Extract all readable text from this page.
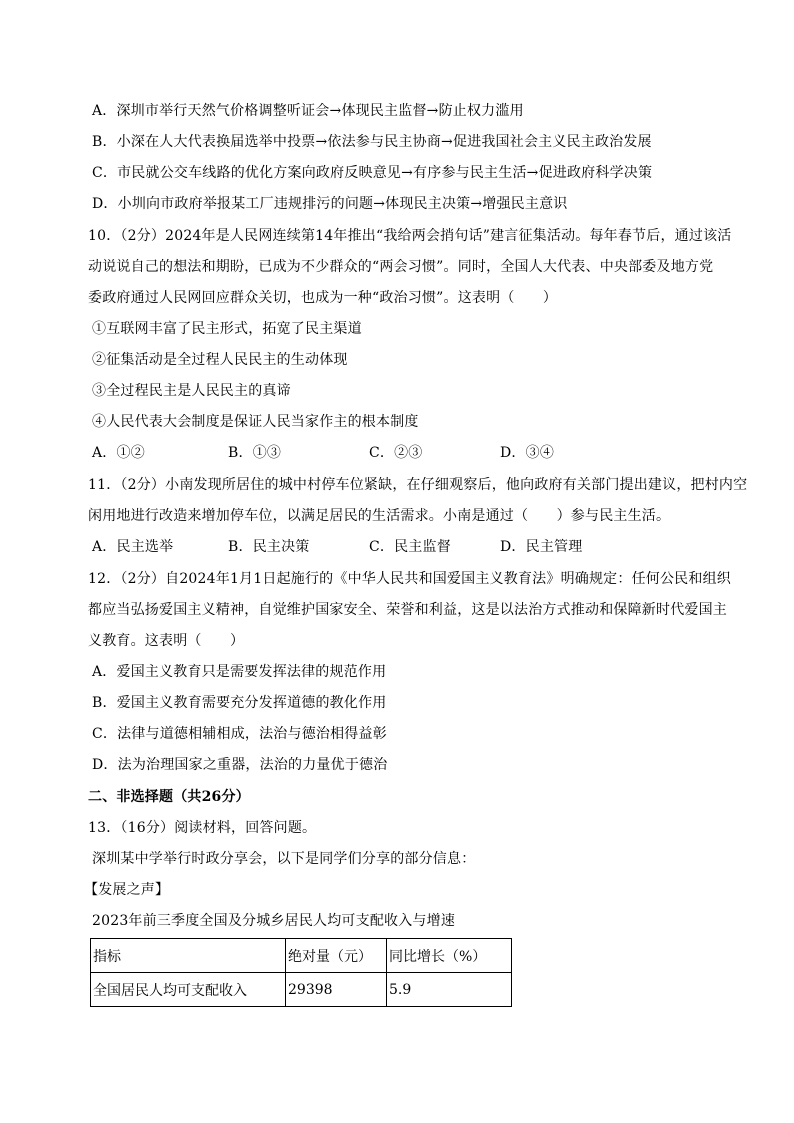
A．深圳市举行天然气价格调整听证会→体现民主监督→防止权力滥用
B．小深在人大代表换届选举中投票→依法参与民主协商→促进我国社会主义民主政治发展
C．市民就公交车线路的优化方案向政府反映意见→有序参与民主生活→促进政府科学决策
D．小圳向市政府举报某工厂违规排污的问题→体现民主决策→增强民主意识
10．（2分）2024年是人民网连续第14年推出“我给两会捎句话”建言征集活动。每年春节后，通过该活
动说说自己的想法和期盼，已成为不少群众的“两会习惯”。同时，全国人大代表、中央部委及地方党
委政府通过人民网回应群众关切，也成为一种“政治习惯”。这表明（　　）
①互联网丰富了民主形式，拓宽了民主渠道
②征集活动是全过程人民民主的生动体现
③全过程民主是人民民主的真谛
④人民代表大会制度是保证人民当家作主的根本制度
A．①②	B．①③	C．②③	D．③④
11．（2分）小南发现所居住的城中村停车位紧缺，在仔细观察后，他向政府有关部门提出建议，把村内空
闲用地进行改造来增加停车位，以满足居民的生活需求。小南是通过（　　）参与民主生活。
A．民主选举	B．民主决策	C．民主监督	D．民主管理
12．（2分）自2024年1月1日起施行的《中华人民共和国爱国主义教育法》明确规定：任何公民和组织
都应当弘扬爱国主义精神，自觉维护国家安全、荣誉和利益，这是以法治方式推动和保障新时代爱国主
义教育。这表明（　　）
A．爱国主义教育只是需要发挥法律的规范作用
B．爱国主义教育需要充分发挥道德的教化作用
C．法律与道德相辅相成，法治与德治相得益彰
D．法为治理国家之重器，法治的力量优于德治
二、非选择题（共26分）
13．（16分）阅读材料，回答问题。
深圳某中学举行时政分享会，以下是同学们分享的部分信息：
【发展之声】
2023年前三季度全国及分城乡居民人均可支配收入与增速
指标	绝对量（元）	同比增长（%）
全国居民人均可支配收入	29398	5.9
